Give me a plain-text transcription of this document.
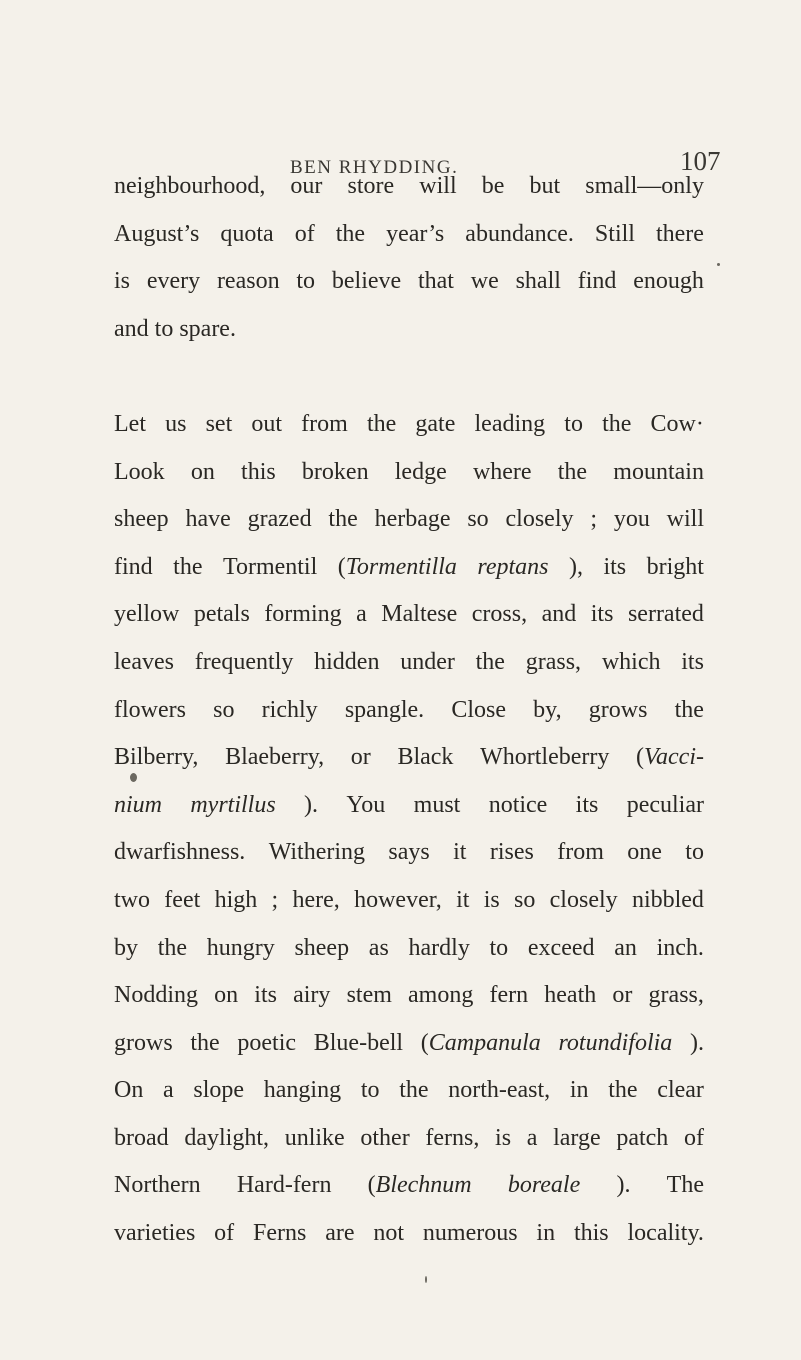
BEN RHYDDING.	107
neighbourhood, our store will be but small—only
August’s quota of the year’s abundance. Still there
is every reason to believe that we shall find enough
and to spare.
Let us set out from the gate leading to the Cow·
Look on this broken ledge where the mountain
sheep have grazed the herbage so closely ; you will
find the Tormentil (Tormentilla reptans ), its bright
yellow petals forming a Maltese cross, and its serrated
leaves frequently hidden under the grass, which its
flowers so richly spangle. Close by, grows the
Bilberry, Blaeberry, or Black Whortleberry (Vacci-
nium myrtillus ). You must notice its peculiar
dwarfishness. Withering says it rises from one to
two feet high ; here, however, it is so closely nibbled
by the hungry sheep as hardly to exceed an inch.
Nodding on its airy stem among fern heath or grass,
grows the poetic Blue-bell (Campanula rotundifolia ).
On a slope hanging to the north-east, in the clear
broad daylight, unlike other ferns, is a large patch of
Northern Hard-fern (Blechnum boreale ). The
varieties of Ferns are not numerous in this locality.
